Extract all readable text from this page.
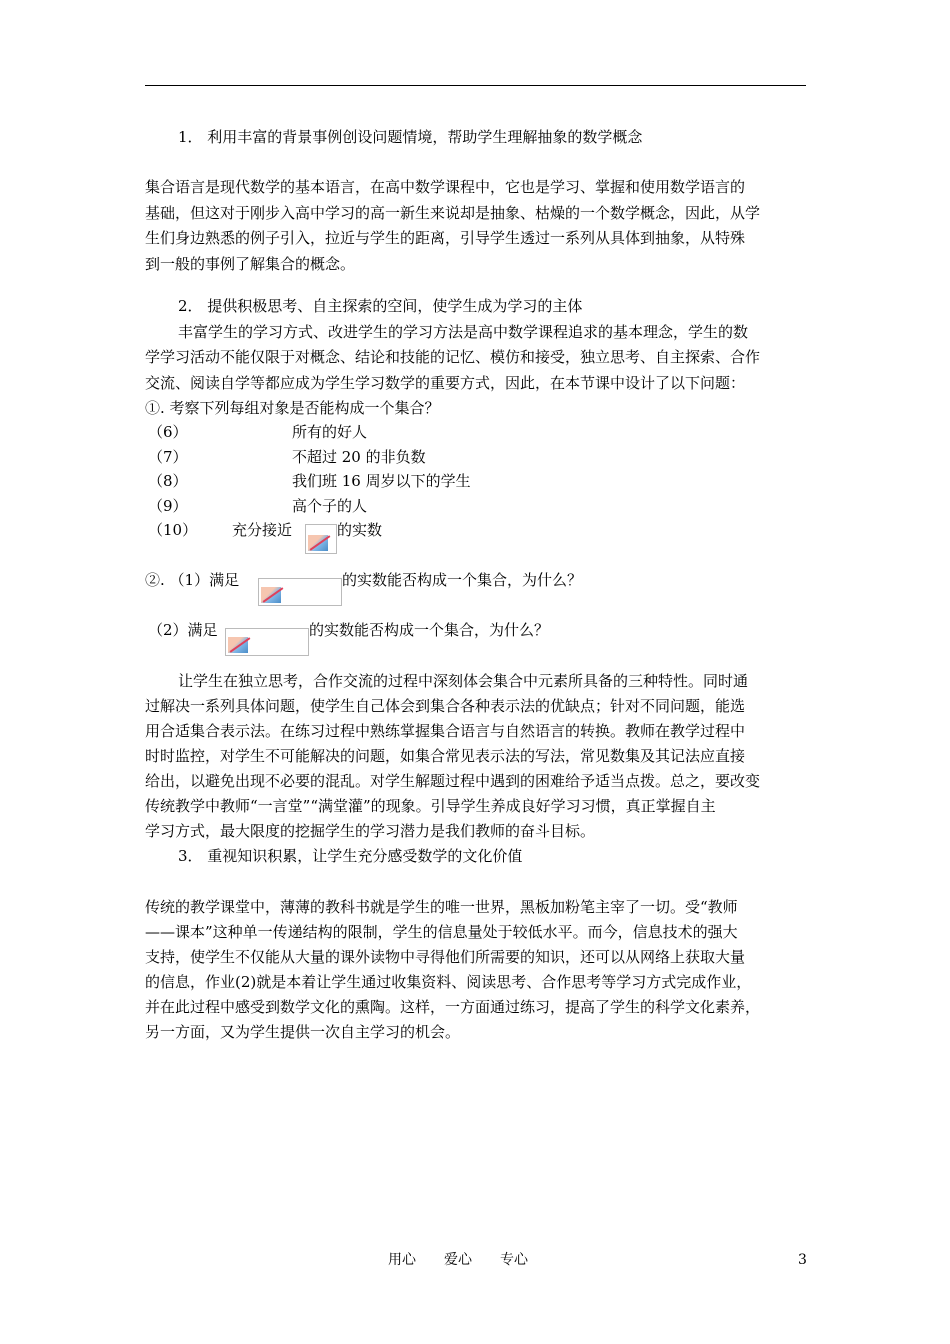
1． 利用丰富的背景事例创设问题情境，帮助学生理解抽象的数学概念
集合语言是现代数学的基本语言，在高中数学课程中，它也是学习、掌握和使用数学语言的
基础，但这对于刚步入高中学习的高一新生来说却是抽象、枯燥的一个数学概念，因此，从学
生们身边熟悉的例子引入，拉近与学生的距离，引导学生透过一系列从具体到抽象，从特殊
到一般的事例了解集合的概念。
2． 提供积极思考、自主探索的空间，使学生成为学习的主体
丰富学生的学习方式、改进学生的学习方法是高中数学课程追求的基本理念，学生的数
学学习活动不能仅限于对概念、结论和技能的记忆、模仿和接受，独立思考、自主探索、合作
交流、阅读自学等都应成为学生学习数学的重要方式，因此，在本节课中设计了以下问题：
①. 考察下列每组对象是否能构成一个集合？
（6）	所有的好人
（7）	不超过 20 的非负数
（8）	我们班 16 周岁以下的学生
（9）	高个子的人
（10） 充分接近	的实数
②. （1）满足	的实数能否构成一个集合，为什么？
（2）满足	的实数能否构成一个集合，为什么？
让学生在独立思考，合作交流的过程中深刻体会集合中元素所具备的三种特性。同时通
过解决一系列具体问题，使学生自己体会到集合各种表示法的优缺点；针对不同问题，能选
用合适集合表示法。在练习过程中熟练掌握集合语言与自然语言的转换。教师在教学过程中
时时监控，对学生不可能解决的问题，如集合常见表示法的写法，常见数集及其记法应直接
给出，以避免出现不必要的混乱。对学生解题过程中遇到的困难给予适当点拨。总之，要改变
传统教学中教师“一言堂”“满堂灌”的现象。引导学生养成良好学习习惯，真正掌握自主
学习方式，最大限度的挖掘学生的学习潜力是我们教师的奋斗目标。
3． 重视知识积累，让学生充分感受数学的文化价值
传统的教学课堂中，薄薄的教科书就是学生的唯一世界，黑板加粉笔主宰了一切。受“教师
——课本”这种单一传递结构的限制，学生的信息量处于较低水平。而今，信息技术的强大
支持，使学生不仅能从大量的课外读物中寻得他们所需要的知识，还可以从网络上获取大量
的信息，作业(2)就是本着让学生通过收集资料、阅读思考、合作思考等学习方式完成作业，
并在此过程中感受到数学文化的熏陶。这样，一方面通过练习，提高了学生的科学文化素养，
另一方面，又为学生提供一次自主学习的机会。
用心　　爱心　　专心	3
